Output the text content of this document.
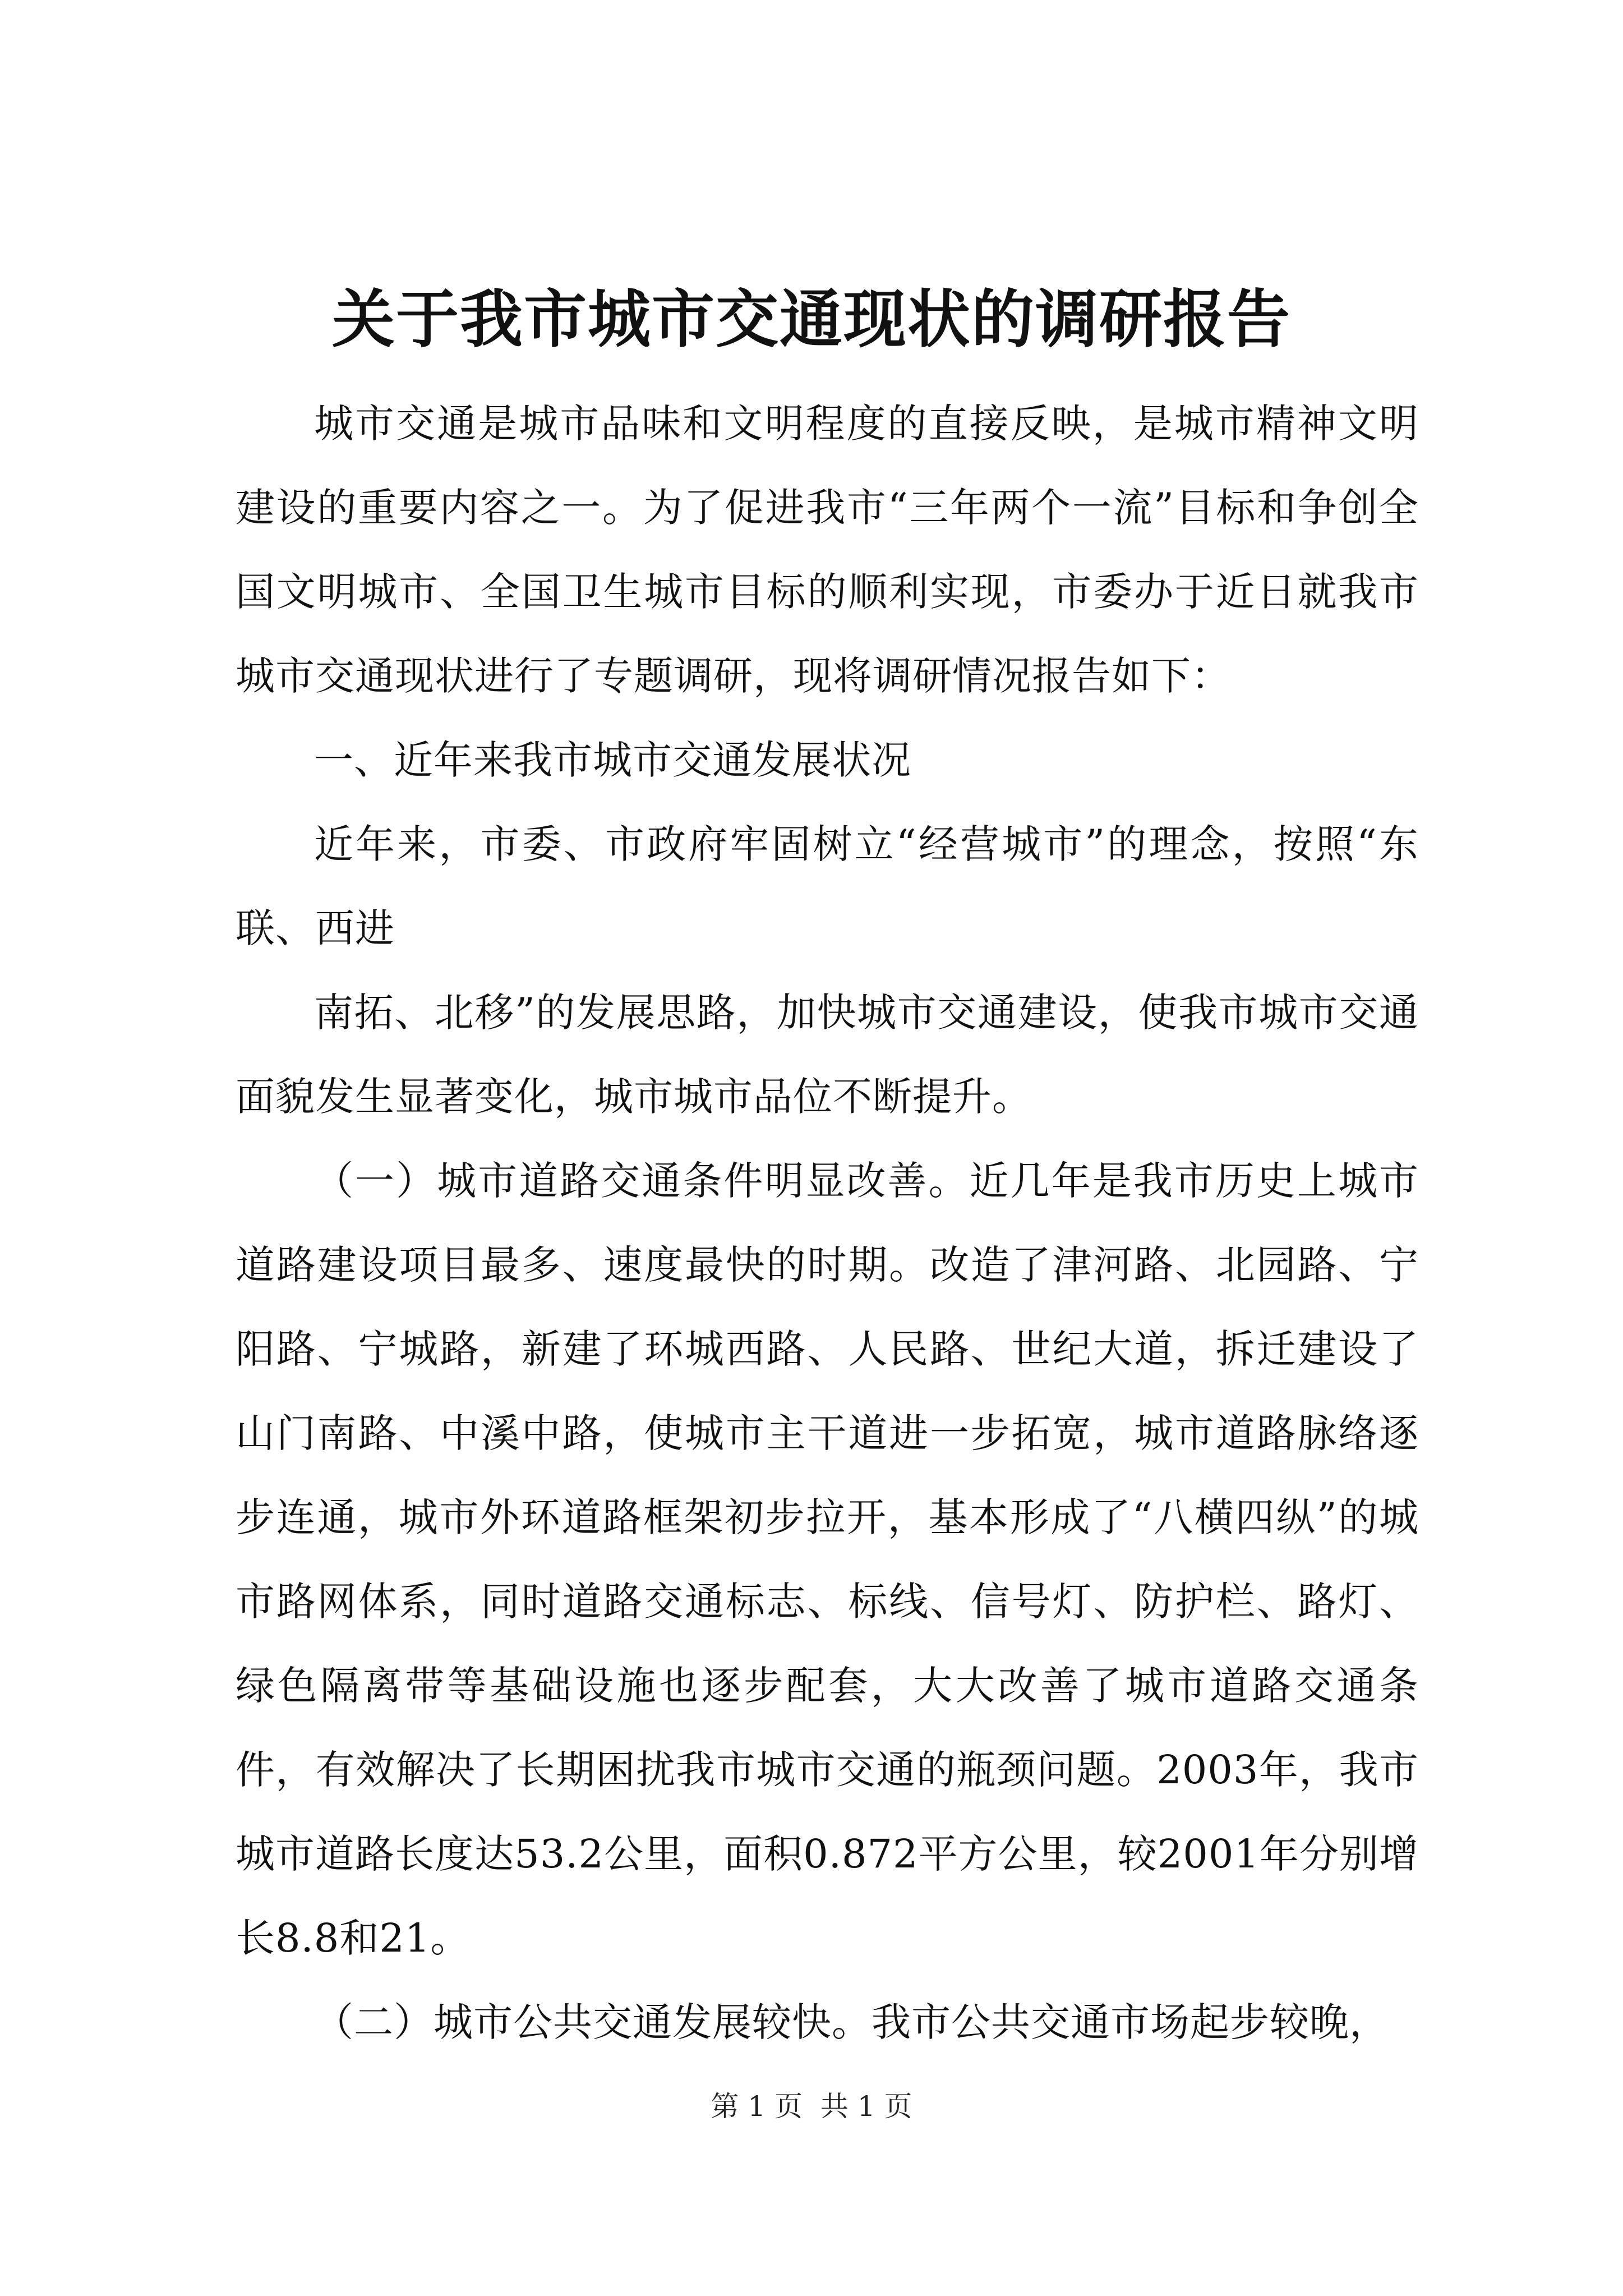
关于我市城市交通现状的调研报告

城市交通是城市品味和文明程度的直接反映，是城市精神文明建设的重要内容之一。为了促进我市“三年两个一流”目标和争创全国文明城市、全国卫生城市目标的顺利实现，市委办于近日就我市城市交通现状进行了专题调研，现将调研情况报告如下：

一、近年来我市城市交通发展状况

近年来，市委、市政府牢固树立“经营城市”的理念，按照“东联、西进

南拓、北移”的发展思路，加快城市交通建设，使我市城市交通面貌发生显著变化，城市城市品位不断提升。

（一）城市道路交通条件明显改善。近几年是我市历史上城市道路建设项目最多、速度最快的时期。改造了津河路、北园路、宁阳路、宁城路，新建了环城西路、人民路、世纪大道，拆迁建设了山门南路、中溪中路，使城市主干道进一步拓宽，城市道路脉络逐步连通，城市外环道路框架初步拉开，基本形成了“八横四纵”的城市路网体系，同时道路交通标志、标线、信号灯、防护栏、路灯、绿色隔离带等基础设施也逐步配套，大大改善了城市道路交通条件，有效解决了长期困扰我市城市交通的瓶颈问题。2003年，我市城市道路长度达53.2公里，面积0.872平方公里，较2001年分别增长8.8和21。

（二）城市公共交通发展较快。我市公共交通市场起步较晚，

第 1 页  共 1 页
